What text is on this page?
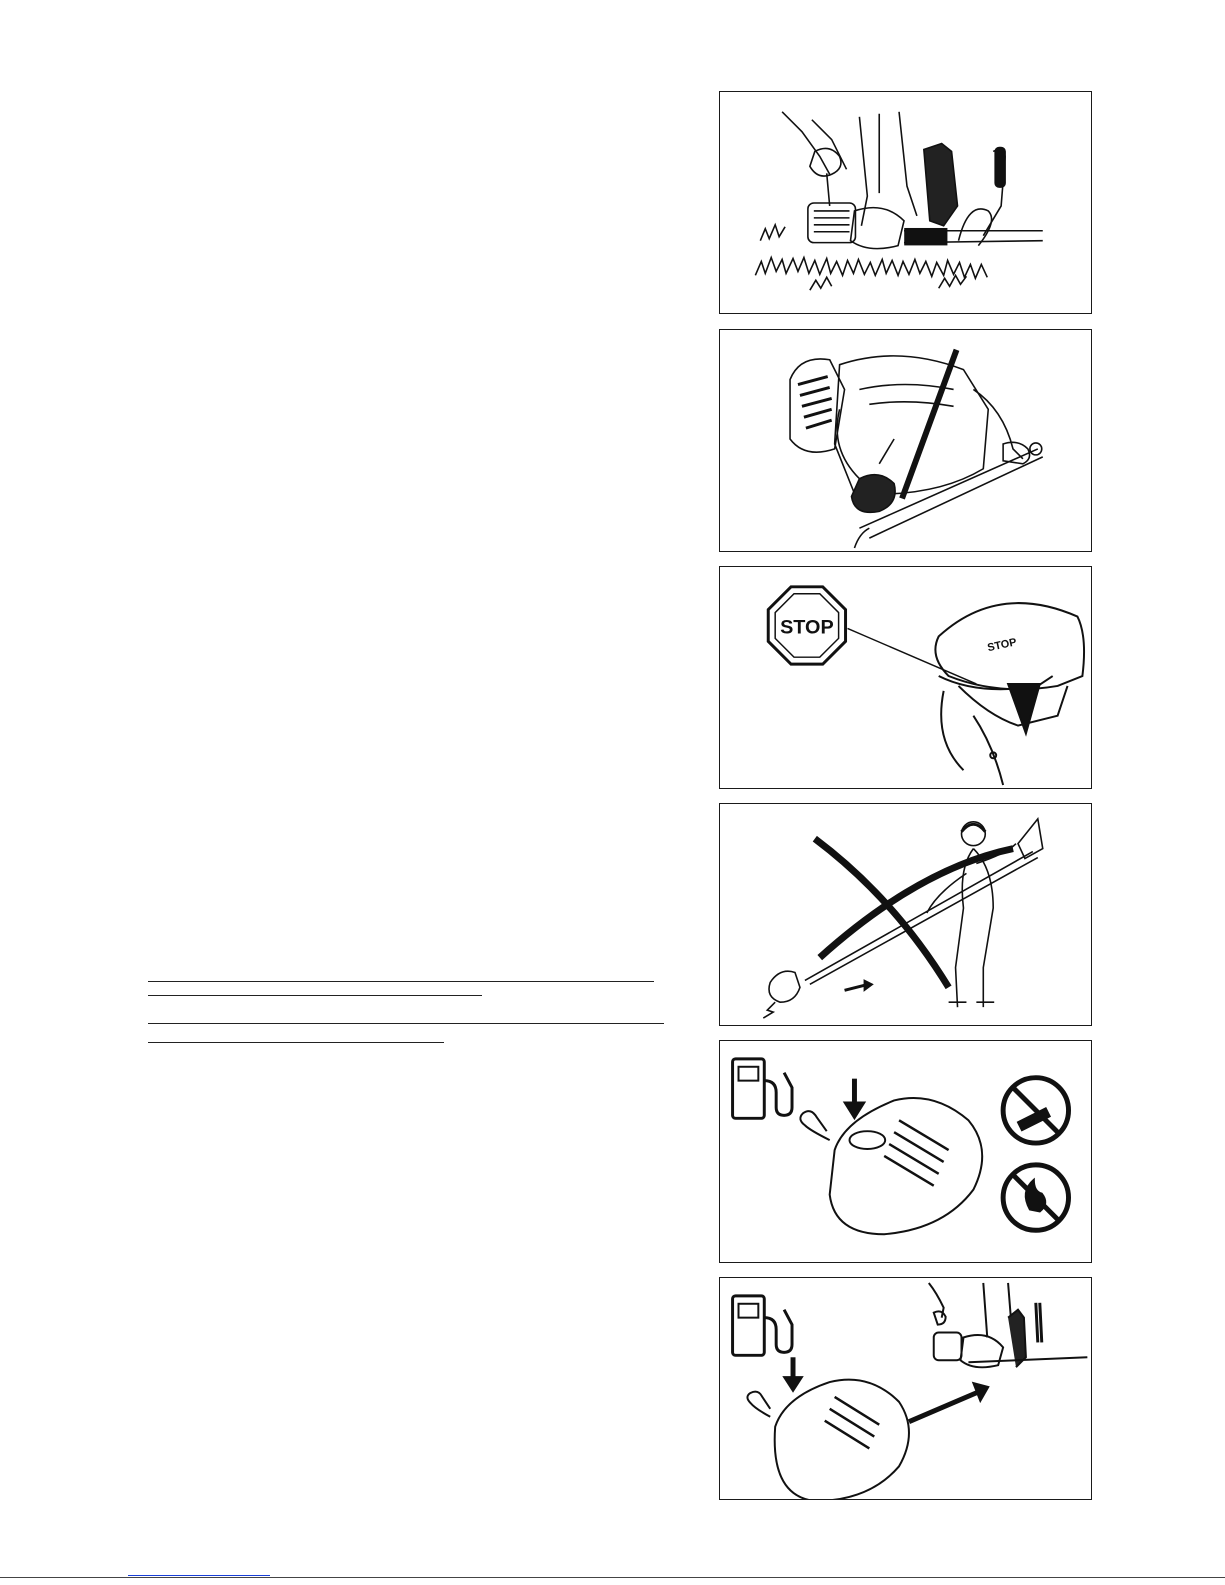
STOP
STOP
